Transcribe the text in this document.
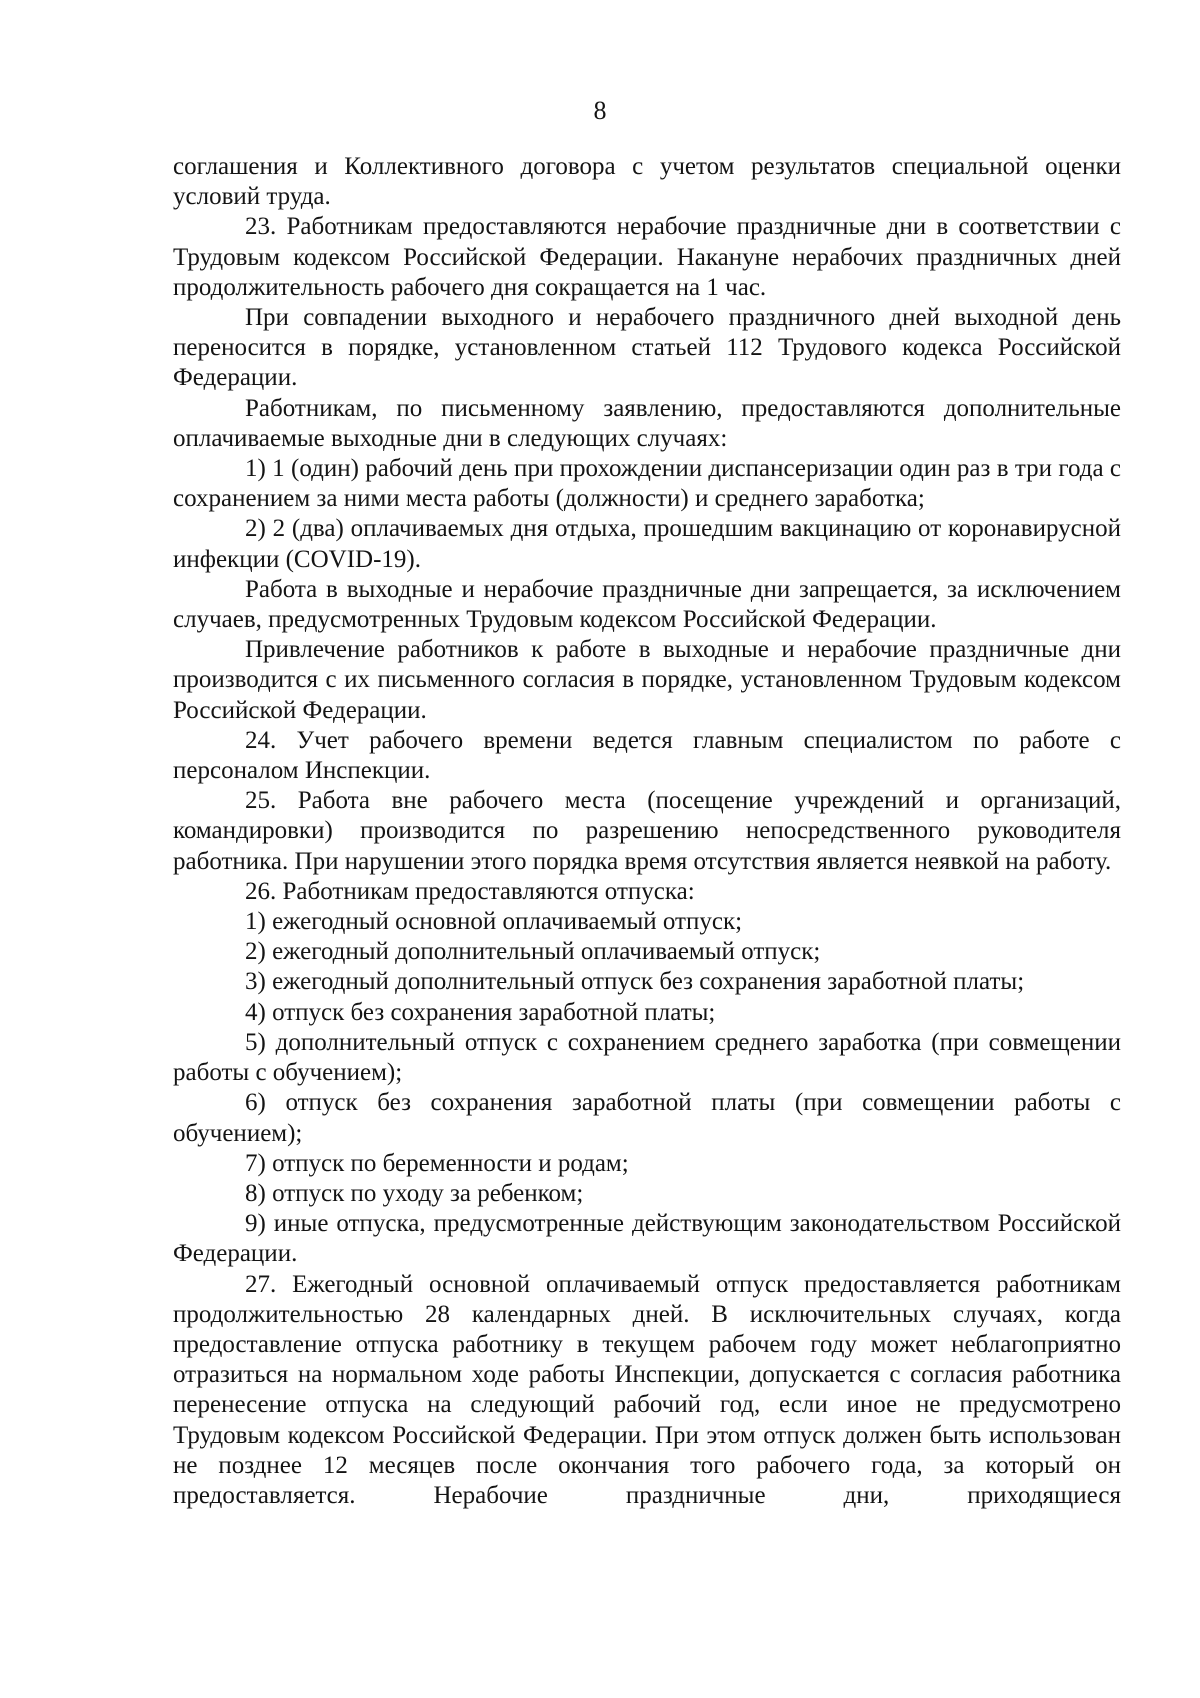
8

соглашения и Коллективного договора с учетом результатов специальной оценки условий труда.

23. Работникам предоставляются нерабочие праздничные дни в соответствии с Трудовым кодексом Российской Федерации. Накануне нерабочих праздничных дней продолжительность рабочего дня сокращается на 1 час.

При совпадении выходного и нерабочего праздничного дней выходной день переносится в порядке, установленном статьей 112 Трудового кодекса Российской Федерации.

Работникам, по письменному заявлению, предоставляются дополнительные оплачиваемые выходные дни в следующих случаях:

1) 1 (один) рабочий день при прохождении диспансеризации один раз в три года с сохранением за ними места работы (должности) и среднего заработка;

2) 2 (два) оплачиваемых дня отдыха, прошедшим вакцинацию от коронавирусной инфекции (COVID-19).

Работа в выходные и нерабочие праздничные дни запрещается, за исключением случаев, предусмотренных Трудовым кодексом Российской Федерации.

Привлечение работников к работе в выходные и нерабочие праздничные дни производится с их письменного согласия в порядке, установленном Трудовым кодексом Российской Федерации.

24. Учет рабочего времени ведется главным специалистом по работе с персоналом Инспекции.

25. Работа вне рабочего места (посещение учреждений и организаций, командировки) производится по разрешению непосредственного руководителя работника. При нарушении этого порядка время отсутствия является неявкой на работу.

26. Работникам предоставляются отпуска:

1) ежегодный основной оплачиваемый отпуск;

2) ежегодный дополнительный оплачиваемый отпуск;

3) ежегодный дополнительный отпуск без сохранения заработной платы;

4) отпуск без сохранения заработной платы;

5) дополнительный отпуск с сохранением среднего заработка (при совмещении работы с обучением);

6) отпуск без сохранения заработной платы (при совмещении работы с обучением);

7) отпуск по беременности и родам;

8) отпуск по уходу за ребенком;

9) иные отпуска, предусмотренные действующим законодательством Российской Федерации.

27. Ежегодный основной оплачиваемый отпуск предоставляется работникам продолжительностью 28 календарных дней. В исключительных случаях, когда предоставление отпуска работнику в текущем рабочем году может неблагоприятно отразиться на нормальном ходе работы Инспекции, допускается с согласия работника перенесение отпуска на следующий рабочий год, если иное не предусмотрено Трудовым кодексом Российской Федерации. При этом отпуск должен быть использован не позднее 12 месяцев после окончания того рабочего года, за который он предоставляется. Нерабочие праздничные дни, приходящиеся
